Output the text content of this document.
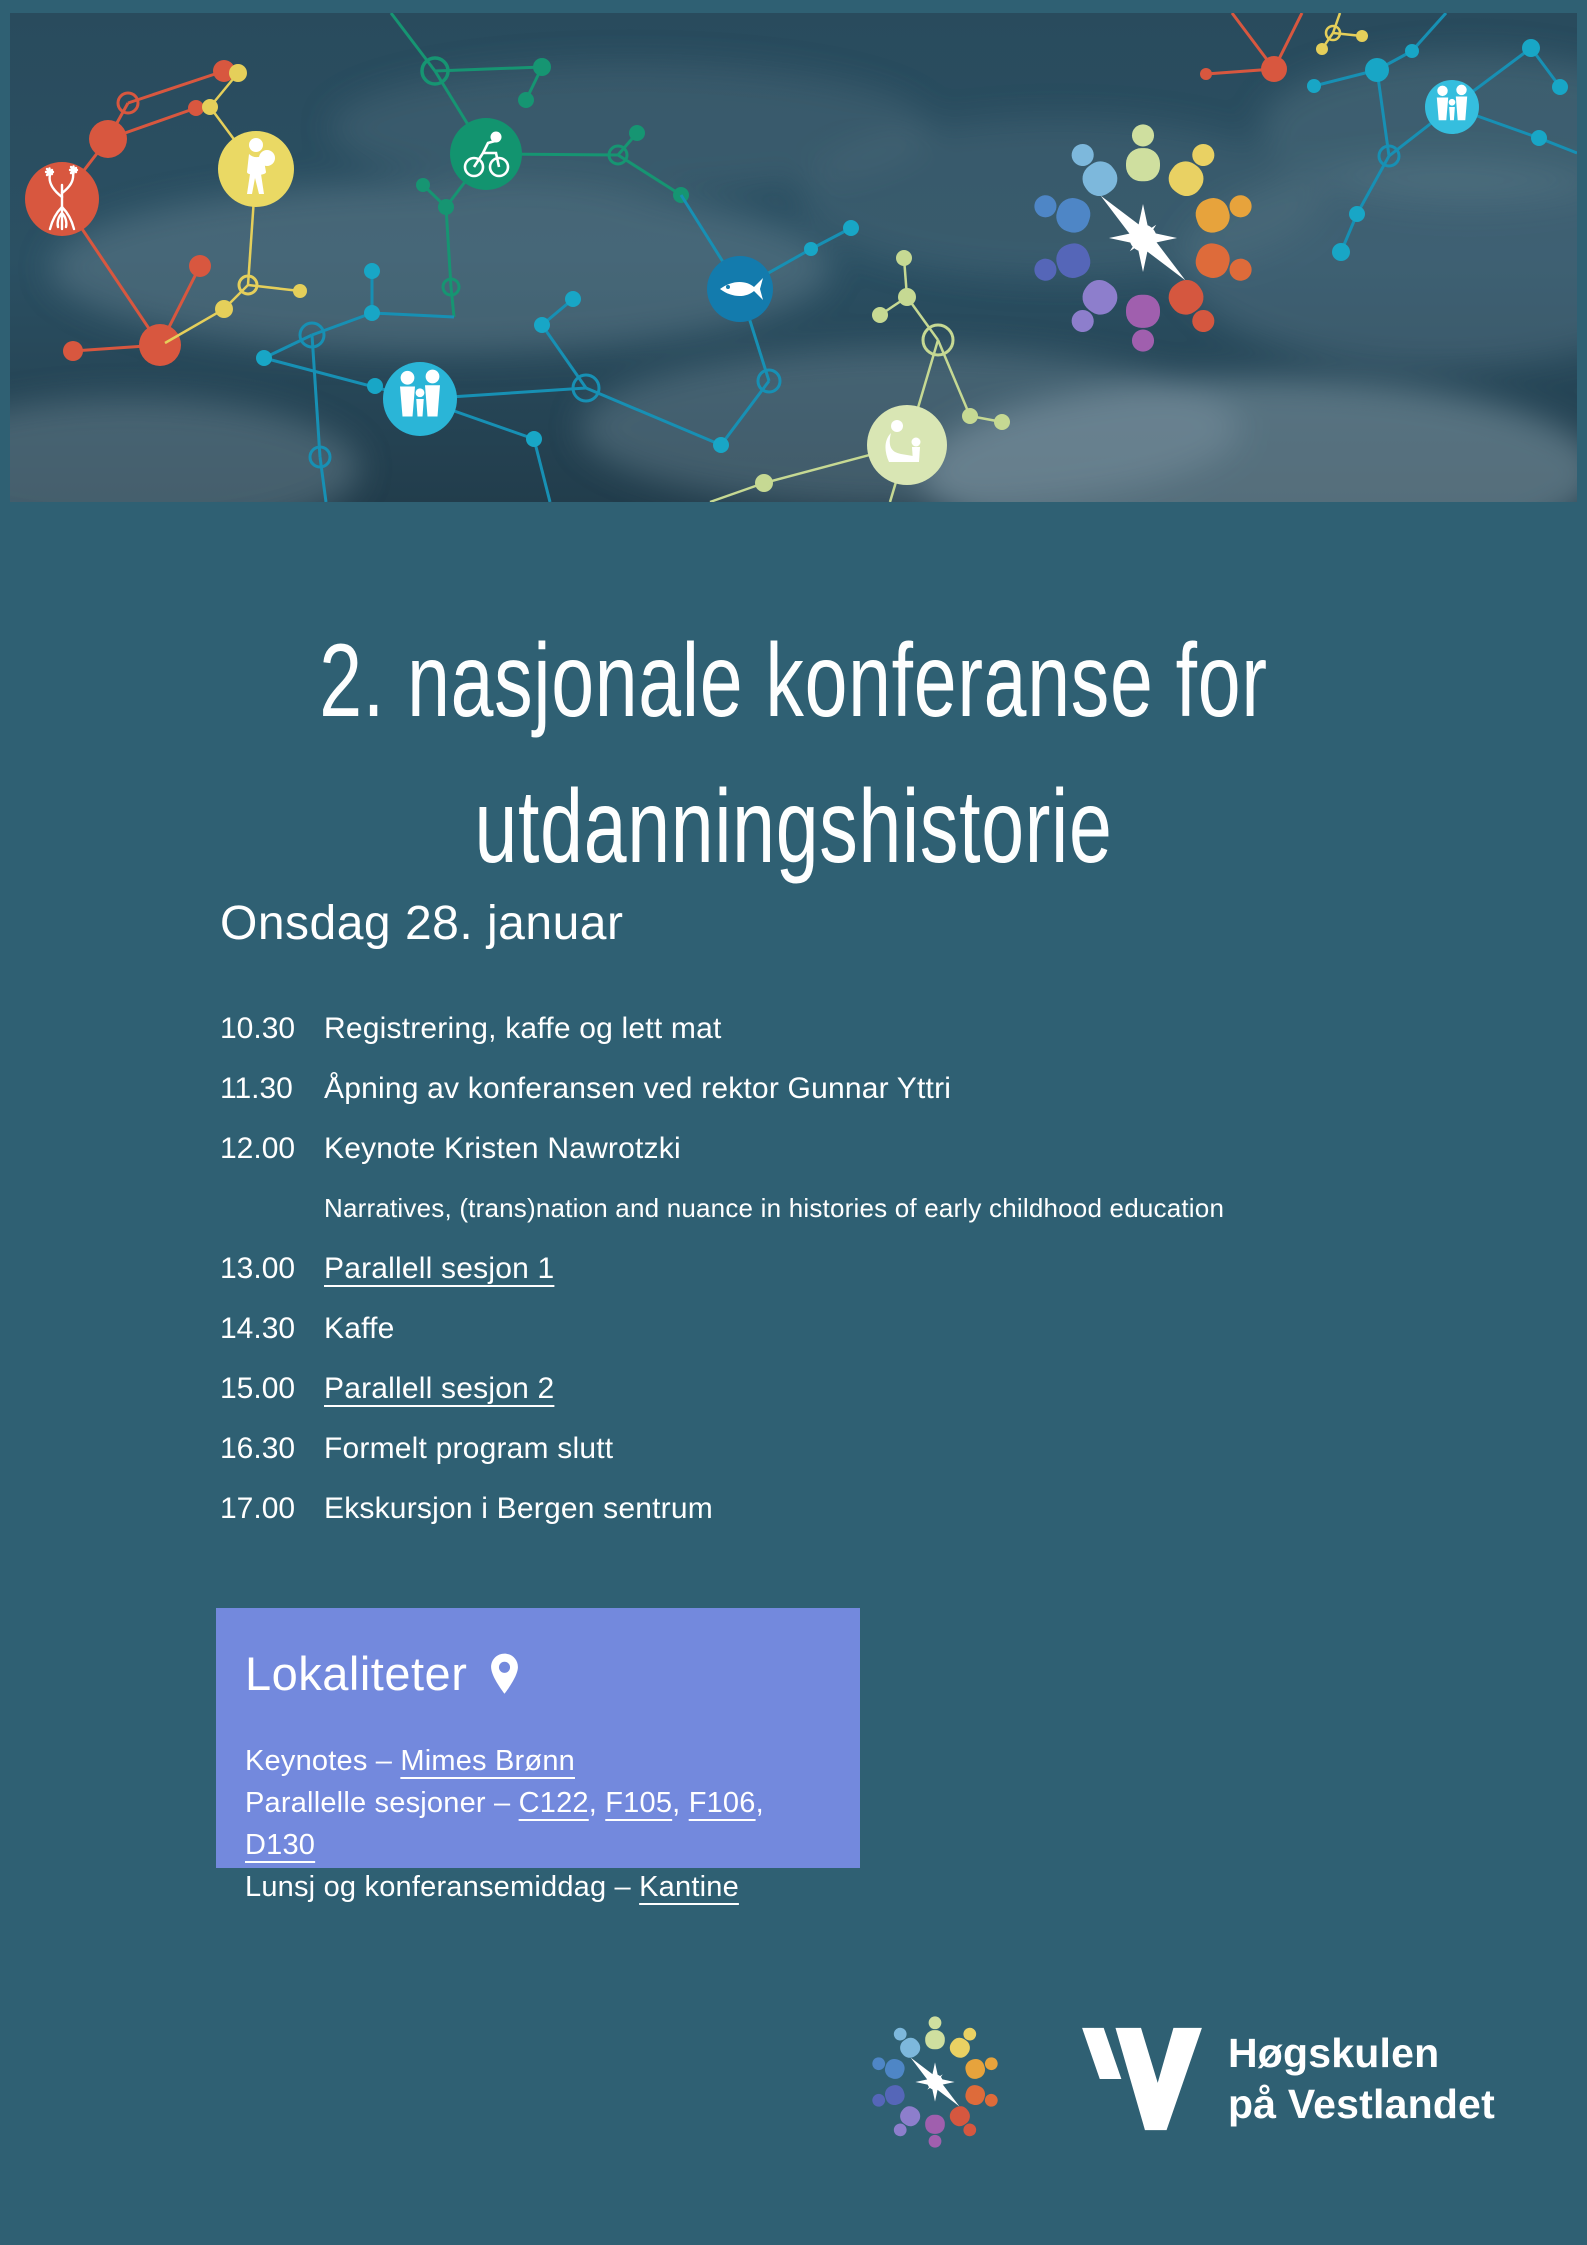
2. nasjonale konferanse for
utdanningshistorie
Onsdag 28. januar
10.30 Registrering, kaffe og lett mat
11.30	Åpning av konferansen ved rektor Gunnar Yttri
12.00 Keynote Kristen Nawrotzki
Narratives, (trans)nation and nuance in histories of early childhood education
13.00 Parallell sesjon 1
14.30 Kaffe
15.00 Parallell sesjon 2
16.30 Formelt program slutt
17.00 Ekskursjon i Bergen sentrum
Lokaliteter
Keynotes – Mimes Brønn
Parallelle sesjoner – C122, F105, F106, D130
Lunsj og konferansemiddag – Kantine
Høgskulen
på Vestlandet
